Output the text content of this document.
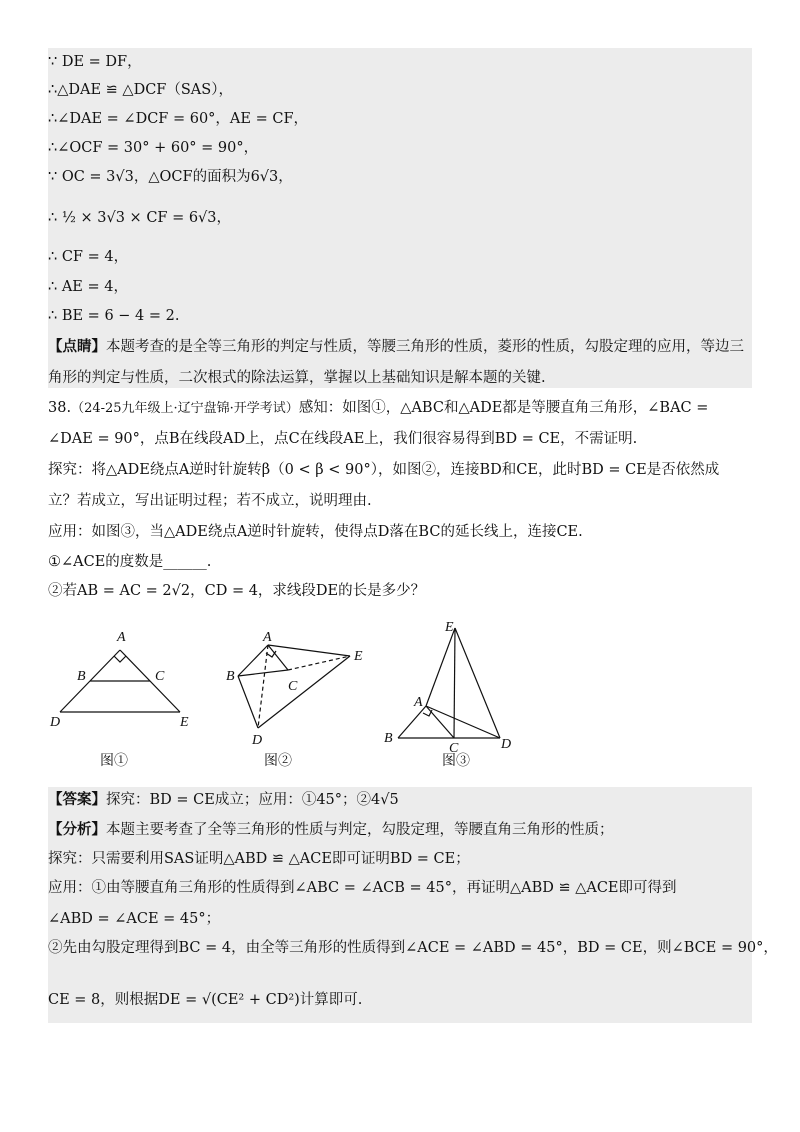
∵ DE = DF，
∴△DAE ≌ △DCF（SAS），
∴∠DAE = ∠DCF = 60°，AE = CF，
∴∠OCF = 30° + 60° = 90°，
∵ OC = 3√3，△OCF的面积为6√3，
∴ ½ × 3√3 × CF = 6√3，
∴ CF = 4，
∴ AE = 4，
∴ BE = 6 − 4 = 2.
【点睛】本题考查的是全等三角形的判定与性质，等腰三角形的性质，菱形的性质，勾股定理的应用，等边三角形的判定与性质，二次根式的除法运算，掌握以上基础知识是解本题的关键.
38.（24-25九年级上·辽宁盘锦·开学考试）感知：如图①，△ABC和△ADE都是等腰直角三角形，∠BAC = ∠DAE = 90°，点B在线段AD上，点C在线段AE上，我们很容易得到BD = CE，不需证明.
探究：将△ADE绕点A逆时针旋转β（0 < β < 90°），如图②，连接BD和CE，此时BD = CE是否依然成立？若成立，写出证明过程；若不成立，说明理由.
应用：如图③，当△ADE绕点A逆时针旋转，使得点D落在BC的延长线上，连接CE.
①∠ACE的度数是______.
②若AB = AC = 2√2，CD = 4，求线段DE的长是多少？
A
B	C
D	E
图①
A
B
C
D
E
图②
E
A
B
C	D
图③
【答案】探究：BD = CE成立；应用：①45°；②4√5
【分析】本题主要考查了全等三角形的性质与判定，勾股定理，等腰直角三角形的性质；
探究：只需要利用SAS证明△ABD ≌ △ACE即可证明BD = CE；
应用：①由等腰直角三角形的性质得到∠ABC = ∠ACB = 45°，再证明△ABD ≌ △ACE即可得到
∠ABD = ∠ACE = 45°；
②先由勾股定理得到BC = 4，由全等三角形的性质得到∠ACE = ∠ABD = 45°，BD = CE，则∠BCE = 90°，
CE = 8，则根据DE = √(CE² + CD²)计算即可.
